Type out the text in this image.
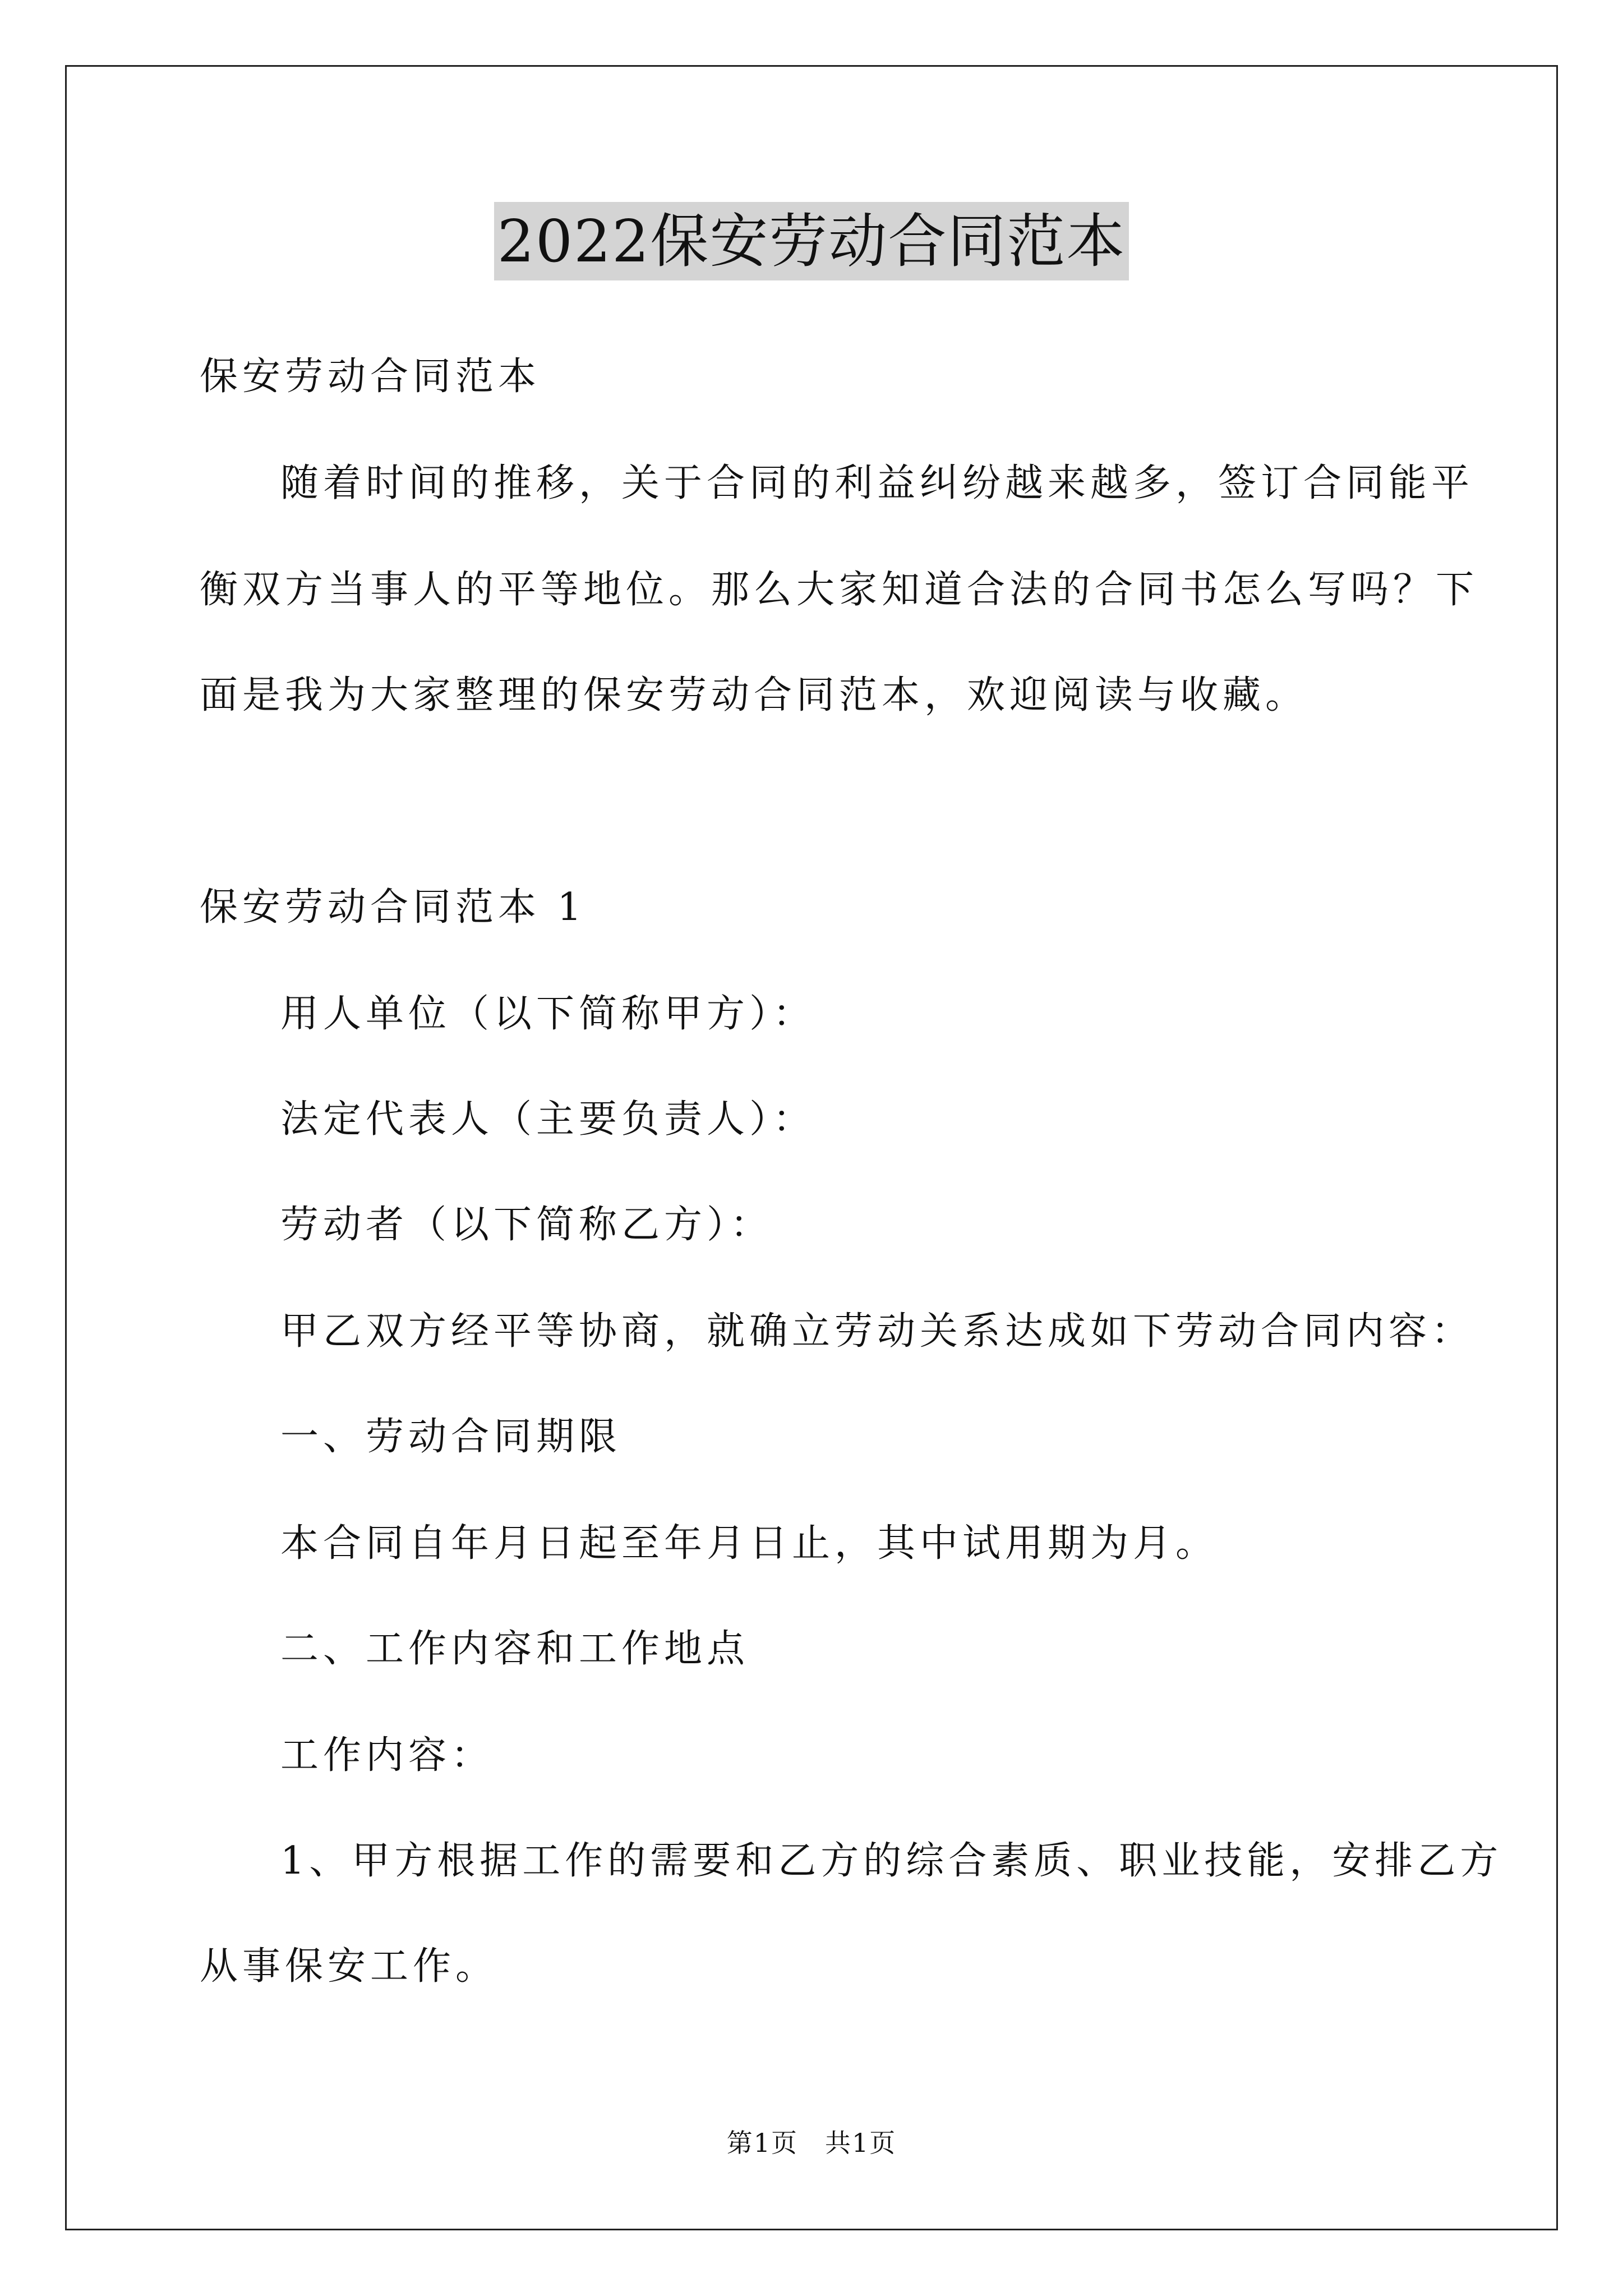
2022保安劳动合同范本

保安劳动合同范本

随着时间的推移，关于合同的利益纠纷越来越多，签订合同能平

衡双方当事人的平等地位。那么大家知道合法的合同书怎么写吗？下

面是我为大家整理的保安劳动合同范本，欢迎阅读与收藏。

保安劳动合同范本 1

用人单位（以下简称甲方）：

法定代表人（主要负责人）：

劳动者（以下简称乙方）：

甲乙双方经平等协商，就确立劳动关系达成如下劳动合同内容：

一、劳动合同期限

本合同自年月日起至年月日止，其中试用期为月。

二、工作内容和工作地点

工作内容：

1、甲方根据工作的需要和乙方的综合素质、职业技能，安排乙方

从事保安工作。

第1页　共1页
